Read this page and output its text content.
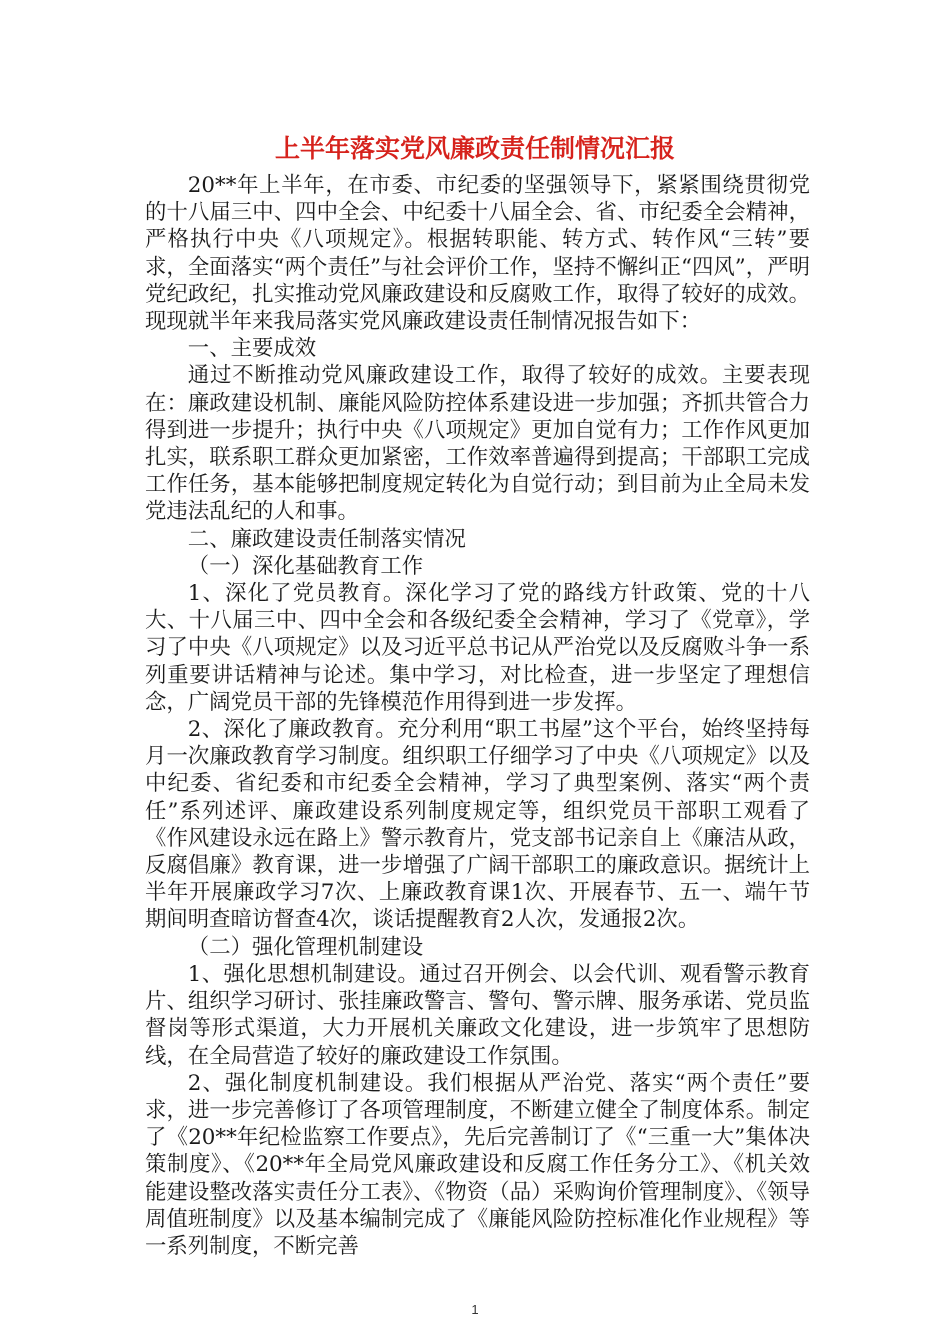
上半年落实党风廉政责任制情况汇报

20**年上半年，在市委、市纪委的坚强领导下，紧紧围绕贯彻党的十八届三中、四中全会、中纪委十八届全会、省、市纪委全会精神，严格执行中央《八项规定》。根据转职能、转方式、转作风“三转”要求，全面落实“两个责任”与社会评价工作，坚持不懈纠正“四风”，严明党纪政纪，扎实推动党风廉政建设和反腐败工作，取得了较好的成效。现现就半年来我局落实党风廉政建设责任制情况报告如下：

一、主要成效

通过不断推动党风廉政建设工作，取得了较好的成效。主要表现在：廉政建设机制、廉能风险防控体系建设进一步加强；齐抓共管合力得到进一步提升；执行中央《八项规定》更加自觉有力；工作作风更加扎实，联系职工群众更加紧密，工作效率普遍得到提高；干部职工完成工作任务，基本能够把制度规定转化为自觉行动；到目前为止全局未发党违法乱纪的人和事。

二、廉政建设责任制落实情况

（一）深化基础教育工作

1、深化了党员教育。深化学习了党的路线方针政策、党的十八大、十八届三中、四中全会和各级纪委全会精神，学习了《党章》，学习了中央《八项规定》以及习近平总书记从严治党以及反腐败斗争一系列重要讲话精神与论述。集中学习，对比检查，进一步坚定了理想信念，广阔党员干部的先锋模范作用得到进一步发挥。

2、深化了廉政教育。充分利用“职工书屋”这个平台，始终坚持每月一次廉政教育学习制度。组织职工仔细学习了中央《八项规定》以及中纪委、省纪委和市纪委全会精神，学习了典型案例、落实“两个责任”系列述评、廉政建设系列制度规定等，组织党员干部职工观看了《作风建设永远在路上》警示教育片，党支部书记亲自上《廉洁从政，反腐倡廉》教育课，进一步增强了广阔干部职工的廉政意识。据统计上半年开展廉政学习7次、上廉政教育课1次、开展春节、五一、端午节期间明查暗访督查4次，谈话提醒教育2人次，发通报2次。

（二）强化管理机制建设

1、强化思想机制建设。通过召开例会、以会代训、观看警示教育片、组织学习研讨、张挂廉政警言、警句、警示牌、服务承诺、党员监督岗等形式渠道，大力开展机关廉政文化建设，进一步筑牢了思想防线，在全局营造了较好的廉政建设工作氛围。

2、强化制度机制建设。我们根据从严治党、落实“两个责任”要求，进一步完善修订了各项管理制度，不断建立健全了制度体系。制定了《20**年纪检监察工作要点》，先后完善制订了《“三重一大”集体决策制度》、《20**年全局党风廉政建设和反腐工作任务分工》、《机关效能建设整改落实责任分工表》、《物资（品）采购询价管理制度》、《领导周值班制度》以及基本编制完成了《廉能风险防控标准化作业规程》等一系列制度，不断完善

1
